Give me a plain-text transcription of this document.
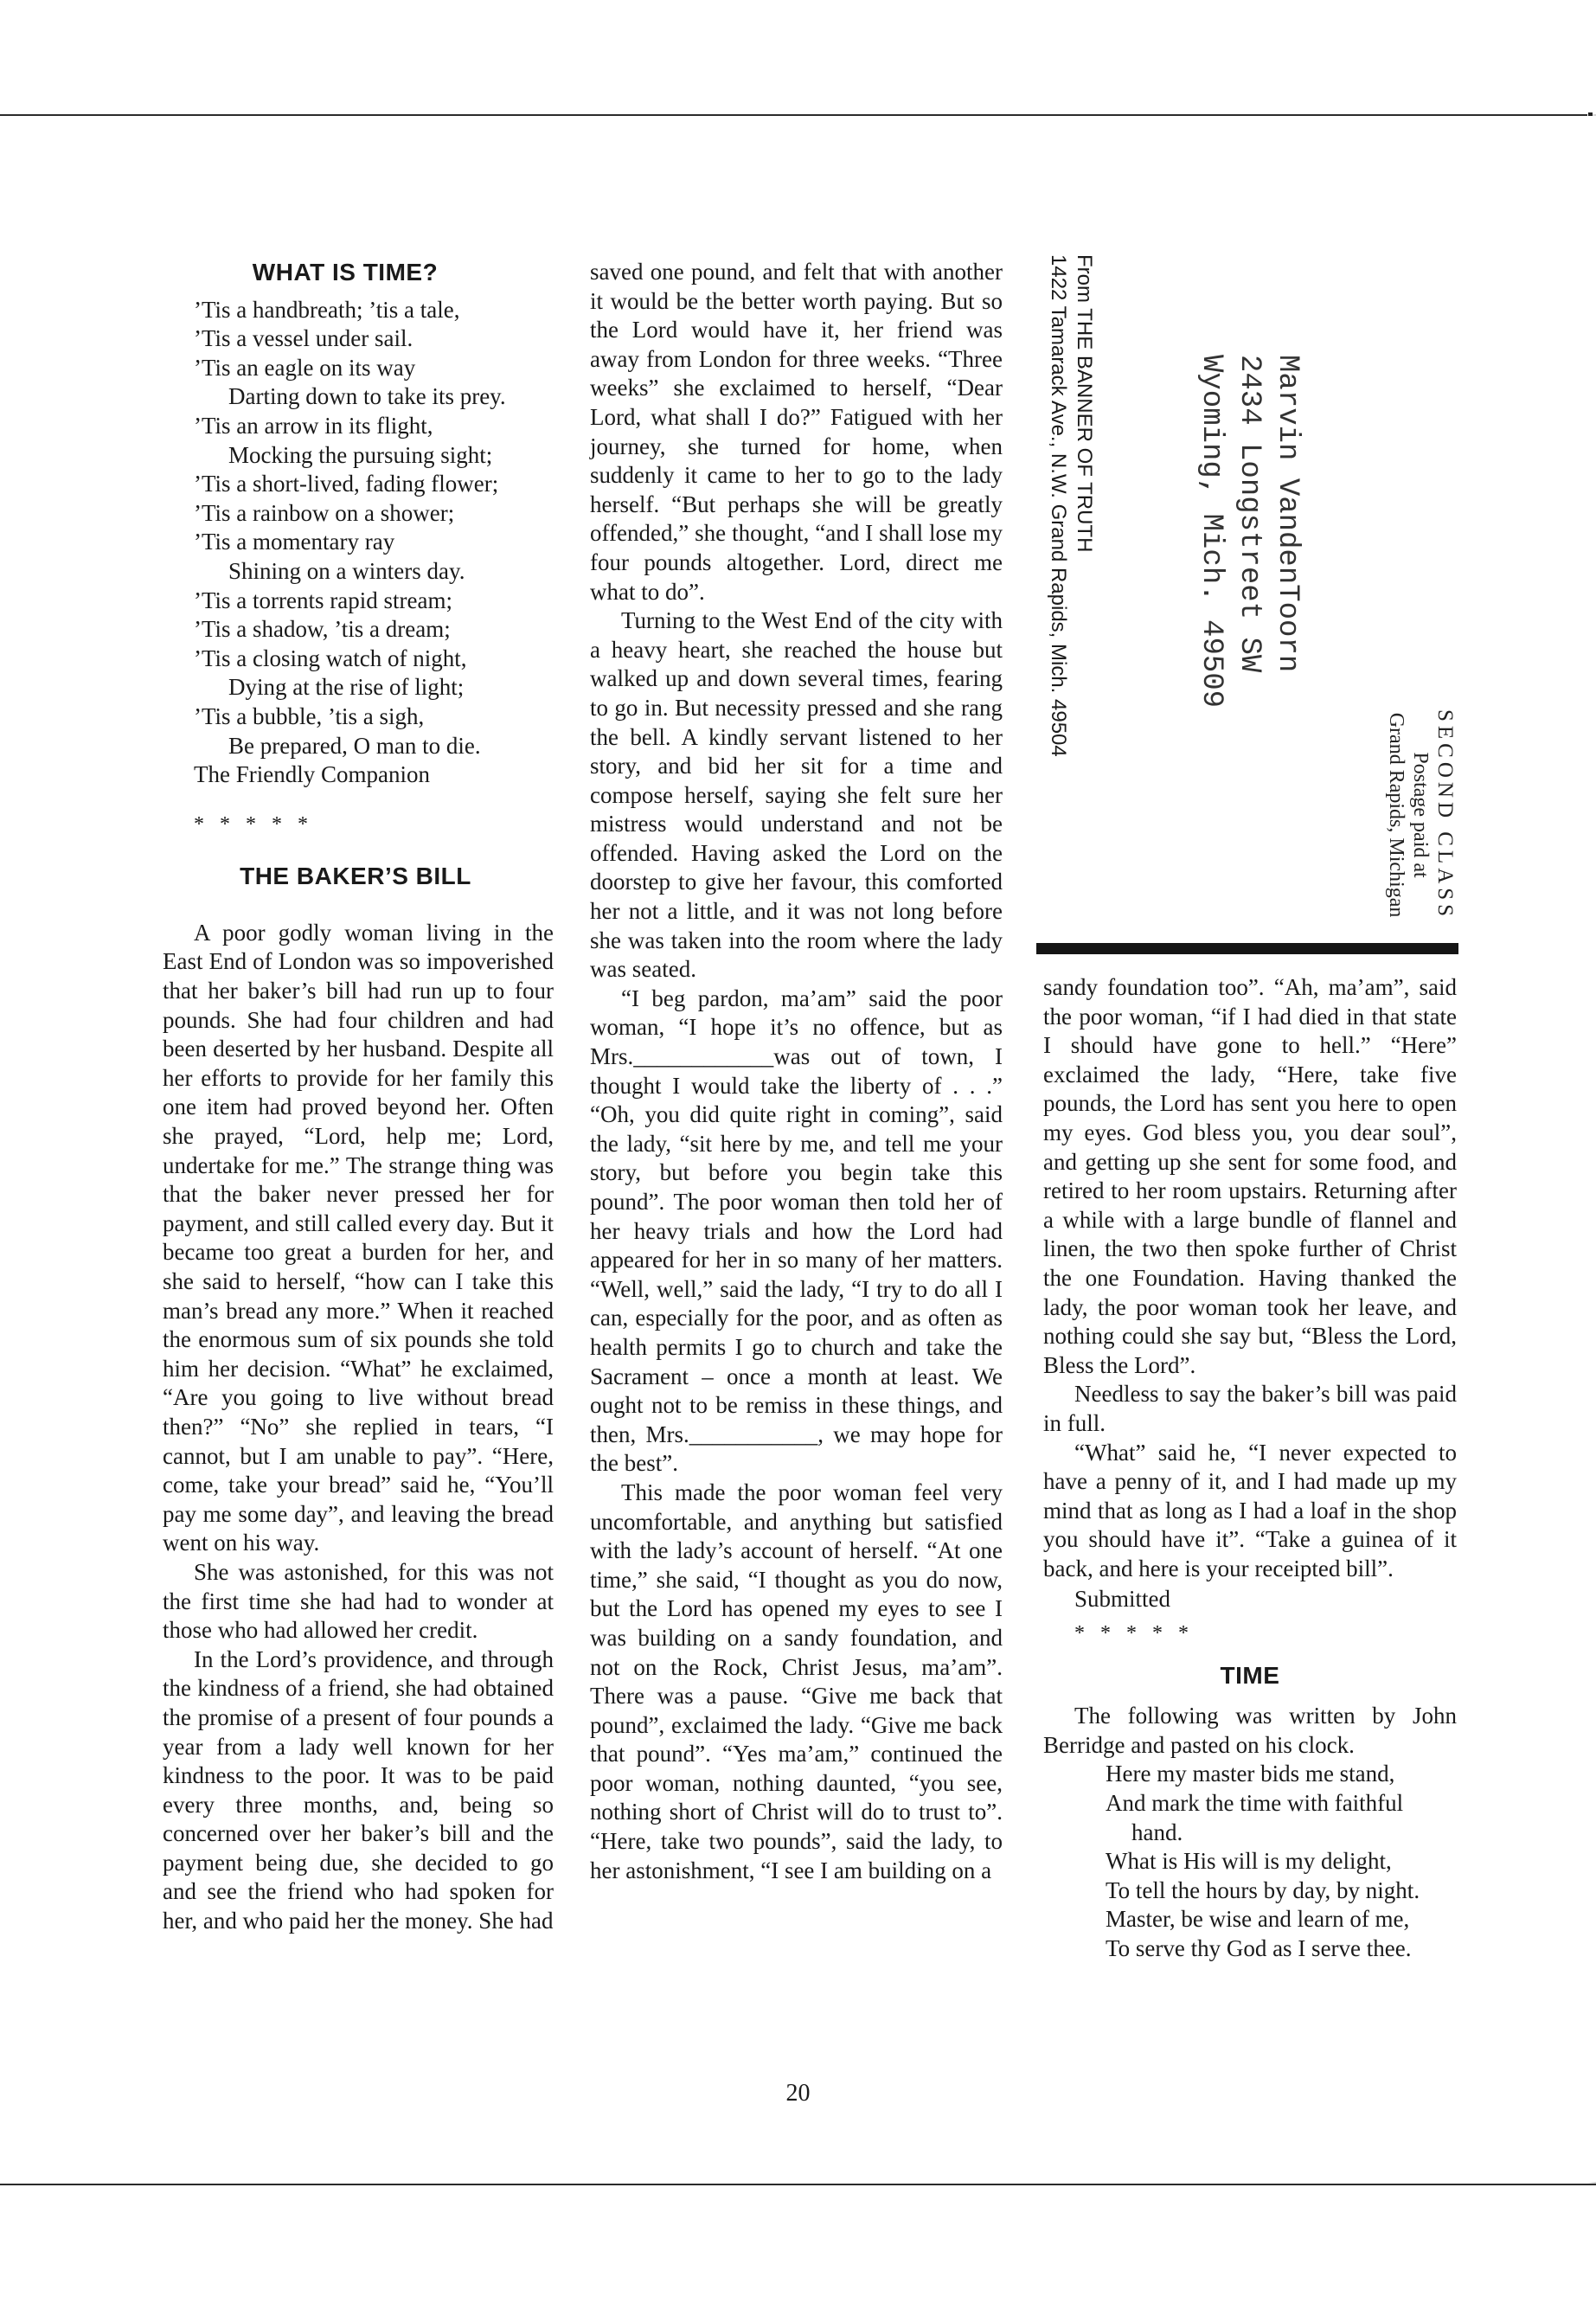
WHAT IS TIME?

’Tis a handbreath; ’tis a tale,

’Tis a vessel under sail.

’Tis an eagle on its way

Darting down to take its prey.

’Tis an arrow in its flight,

Mocking the pursuing sight;

’Tis a short-lived, fading flower;

’Tis a rainbow on a shower;

’Tis a momentary ray

Shining on a winters day.

’Tis a torrents rapid stream;

’Tis a shadow, ’tis a dream;

’Tis a closing watch of night,

Dying at the rise of light;

’Tis a bubble, ’tis a sigh,

Be prepared, O man to die.

The Friendly Companion

* * * * *

THE BAKER’S BILL

A poor godly woman living in the East End of London was so impoverished that her baker’s bill had run up to four pounds. She had four children and had been deserted by her husband. Despite all her efforts to provide for her family this one item had proved beyond her. Often she prayed, “Lord, help me; Lord, undertake for me.” The strange thing was that the baker never pressed her for payment, and still called every day. But it became too great a burden for her, and she said to herself, “how can I take this man’s bread any more.” When it reached the enormous sum of six pounds she told him her decision. “What” he exclaimed, “Are you going to live without bread then?” “No” she replied in tears, “I cannot, but I am unable to pay”. “Here, come, take your bread” said he, “You’ll pay me some day”, and leaving the bread went on his way.

She was astonished, for this was not the first time she had had to wonder at those who had allowed her credit.

In the Lord’s providence, and through the kindness of a friend, she had obtained the promise of a present of four pounds a year from a lady well known for her kindness to the poor. It was to be paid every three months, and, being so concerned over her baker’s bill and the payment being due, she decided to go and see the friend who had spoken for her, and who paid her the money. She had

saved one pound, and felt that with another it would be the better worth paying. But so the Lord would have it, her friend was away from London for three weeks. “Three weeks” she exclaimed to herself, “Dear Lord, what shall I do?” Fatigued with her journey, she turned for home, when suddenly it came to her to go to the lady herself. “But perhaps she will be greatly offended,” she thought, “and I shall lose my four pounds altogether. Lord, direct me what to do”.

Turning to the West End of the city with a heavy heart, she reached the house but walked up and down several times, fearing to go in. But necessity pressed and she rang the bell. A kindly servant listened to her story, and bid her sit for a time and compose herself, saying she felt sure her mistress would understand and not be offended. Having asked the Lord on the doorstep to give her favour, this comforted her not a little, and it was not long before she was taken into the room where the lady was seated.

“I beg pardon, ma’am” said the poor woman, “I hope it’s no offence, but as Mrs.____________was out of town, I thought I would take the liberty of . . .” “Oh, you did quite right in coming”, said the lady, “sit here by me, and tell me your story, but before you begin take this pound”. The poor woman then told her of her heavy trials and how the Lord had appeared for her in so many of her matters. “Well, well,” said the lady, “I try to do all I can, especially for the poor, and as often as health permits I go to church and take the Sacrament – once a month at least. We ought not to be remiss in these things, and then, Mrs.___________, we may hope for the best”.

This made the poor woman feel very uncomfortable, and anything but satisfied with the lady’s account of herself. “At one time,” she said, “I thought as you do now, but the Lord has opened my eyes to see I was building on a sandy foundation, and not on the Rock, Christ Jesus, ma’am”. There was a pause. “Give me back that pound”, exclaimed the lady. “Give me back that pound”. “Yes ma’am,” continued the poor woman, nothing daunted, “you see, nothing short of Christ will do to trust to”. “Here, take two pounds”, said the lady, to her astonishment, “I see I am building on a

From THE BANNER OF TRUTH
1422 Tamarack Ave., N.W. Grand Rapids, Mich. 49504	Marvin VandenToorn
2434 Longstreet SW
Wyoming, Mich. 49509
SECOND CLASS
Postage paid at
Grand Rapids, Michigan

sandy foundation too”. “Ah, ma’am”, said the poor woman, “if I had died in that state I should have gone to hell.” “Here” exclaimed the lady, “Here, take five pounds, the Lord has sent you here to open my eyes. God bless you, you dear soul”, and getting up she sent for some food, and retired to her room upstairs. Returning after a while with a large bundle of flannel and linen, the two then spoke further of Christ the one Foundation. Having thanked the lady, the poor woman took her leave, and nothing could she say but, “Bless the Lord, Bless the Lord”.

Needless to say the baker’s bill was paid in full.

“What” said he, “I never expected to have a penny of it, and I had made up my mind that as long as I had a loaf in the shop you should have it”. “Take a guinea of it back, and here is your receipted bill”.

Submitted

* * * * *

TIME

The following was written by John Berridge and pasted on his clock.

Here my master bids me stand,

And mark the time with faithful

hand.

What is His will is my delight,

To tell the hours by day, by night.

Master, be wise and learn of me,

To serve thy God as I serve thee.

20
